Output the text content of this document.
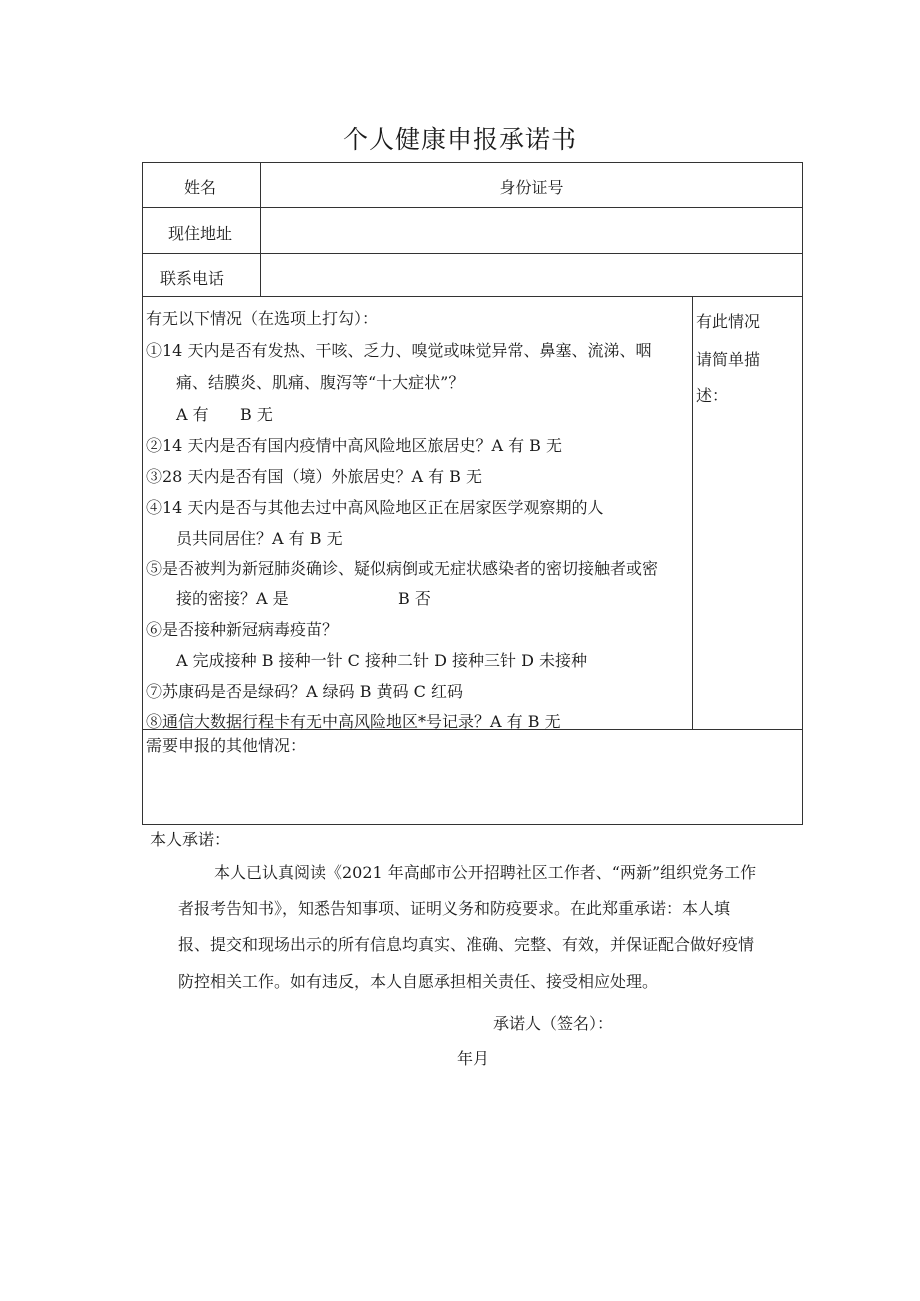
个人健康申报承诺书
姓名	身份证号
现住地址
联系电话
有无以下情况（在选项上打勾）：
①14 天内是否有发热、干咳、乏力、嗅觉或味觉异常、鼻塞、流涕、咽
痛、结膜炎、肌痛、腹泻等“十大症状”？
A 有 B 无
②14 天内是否有国内疫情中高风险地区旅居史？A 有 B 无
③28 天内是否有国（境）外旅居史？A 有 B 无
④14 天内是否与其他去过中高风险地区正在居家医学观察期的人
员共同居住？A 有 B 无
⑤是否被判为新冠肺炎确诊、疑似病倒或无症状感染者的密切接触者或密
接的密接？A 是	B 否
⑥是否接种新冠病毒疫苗？
A 完成接种 B 接种一针 C 接种二针 D 接种三针 D 未接种
⑦苏康码是否是绿码？A 绿码 B 黄码 C 红码
⑧通信大数据行程卡有无中高风险地区*号记录？A 有 B 无
有此情况
请简单描
述：
需要申报的其他情况：
本人承诺：
本人已认真阅读《2021 年高邮市公开招聘社区工作者、“两新”组织党务工作
者报考告知书》，知悉告知事项、证明义务和防疫要求。在此郑重承诺：本人填
报、提交和现场出示的所有信息均真实、准确、完整、有效，并保证配合做好疫情
防控相关工作。如有违反，本人自愿承担相关责任、接受相应处理。
承诺人（签名）：
年月
